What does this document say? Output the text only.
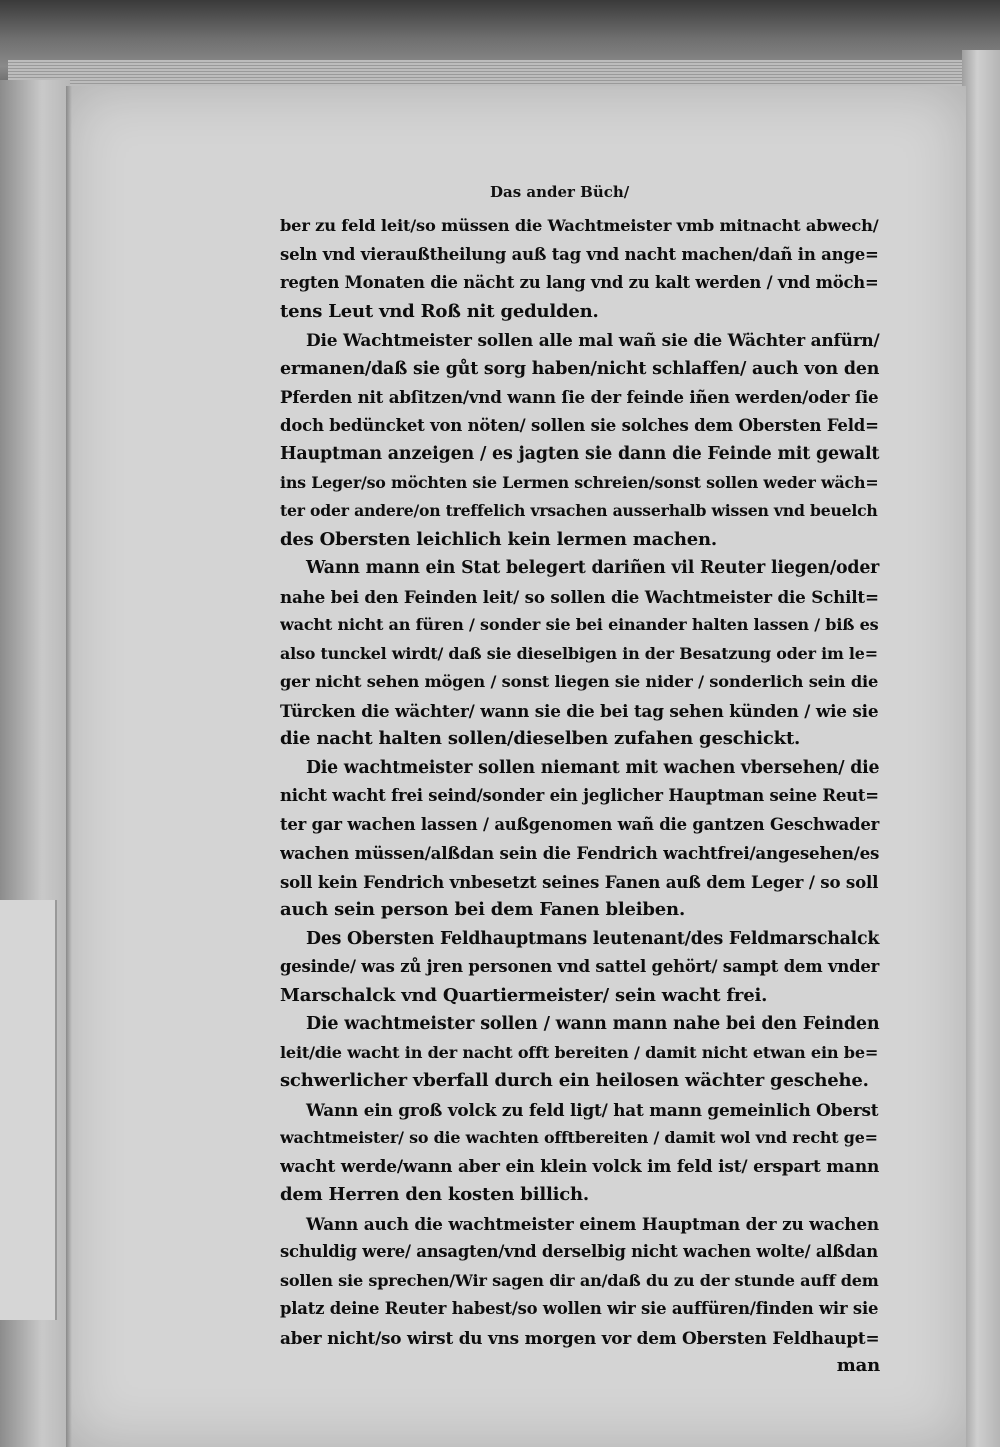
Das ander Büch/
ber zu feld leit/so müssen die Wachtmeister vmb mitnacht abwech/
seln vnd vieraußtheilung auß tag vnd nacht machen/dañ in ange=
regten Monaten die nächt zu lang vnd zu kalt werden / vnd möch=
tens Leut vnd Roß nit gedulden.
Die Wachtmeister sollen alle mal wañ sie die Wächter anfürn/
ermanen/daß sie gůt sorg haben/nicht schlaffen/ auch von den
Pferden nit abſitzen/vnd wann ſie der feinde iñen werden/oder ſie
doch bedüncket von nöten/ sollen sie solches dem Obersten Feld=
Hauptman anzeigen / es jagten sie dann die Feinde mit gewalt
ins Leger/so möchten sie Lermen schreien/sonst sollen weder wäch=
ter oder andere/on treffelich vrsachen ausserhalb wissen vnd beuelch
des Obersten leichlich kein lermen machen.
Wann mann ein Stat belegert dariñen vil Reuter liegen/oder
nahe bei den Feinden leit/ so sollen die Wachtmeister die Schilt=
wacht nicht an füren / sonder sie bei einander halten lassen / biß es
also tunckel wirdt/ daß sie dieselbigen in der Besatzung oder im le=
ger nicht sehen mögen / sonst liegen sie nider / sonderlich sein die
Türcken die wächter/ wann sie die bei tag sehen künden / wie sie
die nacht halten sollen/dieselben zufahen geschickt.
Die wachtmeister sollen niemant mit wachen vbersehen/ die
nicht wacht frei seind/sonder ein jeglicher Hauptman seine Reut=
ter gar wachen lassen / außgenomen wañ die gantzen Geschwader
wachen müssen/alßdan sein die Fendrich wachtfrei/angesehen/es
soll kein Fendrich vnbesetzt seines Fanen auß dem Leger / so soll
auch sein person bei dem Fanen bleiben.
Des Obersten Feldhauptmans leutenant/des Feldmarschalck
gesinde/ was zů jren personen vnd sattel gehört/ sampt dem vnder
Marschalck vnd Quartiermeister/ sein wacht frei.
Die wachtmeister sollen / wann mann nahe bei den Feinden
leit/die wacht in der nacht offt bereiten / damit nicht etwan ein be=
schwerlicher vberfall durch ein heilosen wächter geschehe.
Wann ein groß volck zu feld ligt/ hat mann gemeinlich Oberst
wachtmeister/ so die wachten offtbereiten / damit wol vnd recht ge=
wacht werde/wann aber ein klein volck im feld ist/ erspart mann
dem Herren den kosten billich.
Wann auch die wachtmeister einem Hauptman der zu wachen
schuldig were/ ansagten/vnd derselbig nicht wachen wolte/ alßdan
sollen sie sprechen/Wir sagen dir an/daß du zu der stunde auff dem
platz deine Reuter habest/so wollen wir sie auffüren/finden wir sie
aber nicht/so wirst du vns morgen vor dem Obersten Feldhaupt=
man
